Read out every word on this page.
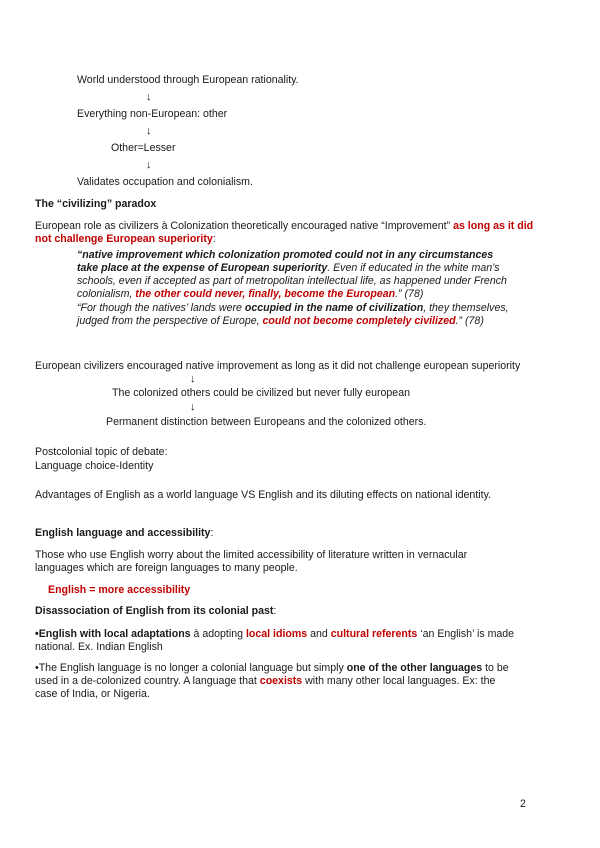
World understood through European rationality.
↓
Everything non-European: other
↓
Other=Lesser
↓
Validates occupation and colonialism.
The “civilizing” paradox

European role as civilizers à Colonization theoretically encouraged native “Improvement” as long as it did not challenge European superiority:

“native improvement which colonization promoted could not in any circumstances take place at the expense of European superiority. Even if educated in the white man’s schools, even if accepted as part of metropolitan intellectual life, as happened under French colonialism, the other could never, finally, become the European.” (78)

“For though the natives’ lands were occupied in the name of civilization, they themselves, judged from the perspective of Europe, could not become completely civilized.” (78)

European civilizers encouraged native improvement as long as it did not challenge european superiority

↓
The colonized others could be civilized but never fully european
↓
Permanent distinction between Europeans and the colonized others.
Postcolonial topic of debate:
Language choice-Identity
Advantages of English as a world language VS English and its diluting effects on national identity.
English language and accessibility:

Those who use English worry about the limited accessibility of literature written in vernacular languages which are foreign languages to many people.

English = more accessibility
Disassociation of English from its colonial past:

•English with local adaptations à adopting local idioms and cultural referents ‘an English’ is made national. Ex. Indian English

•The English language is no longer a colonial language but simply one of the other languages to be used in a de-colonized country. A language that coexists with many other local languages. Ex: the case of India, or Nigeria.

2
